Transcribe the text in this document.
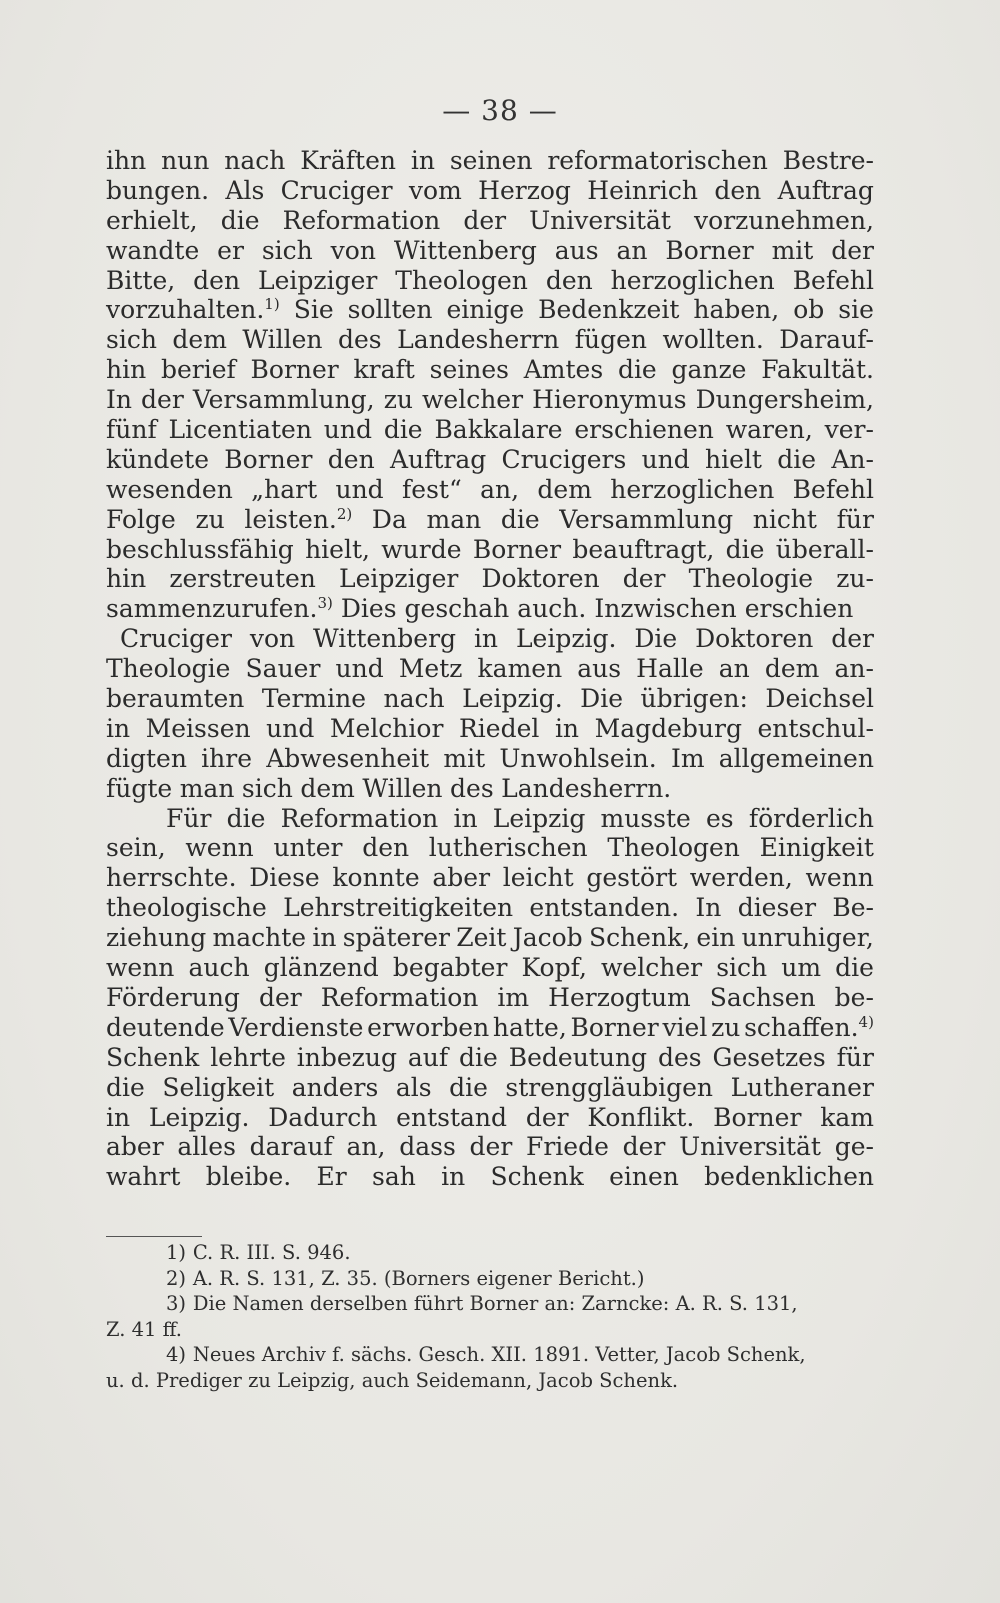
— 38 —
ihn nun nach Kräften in seinen reformatorischen Bestre-
bungen. Als Cruciger vom Herzog Heinrich den Auftrag
erhielt, die Reformation der Universität vorzunehmen,
wandte er sich von Wittenberg aus an Borner mit der
Bitte, den Leipziger Theologen den herzoglichen Befehl
vorzuhalten.$^{1)}$ Sie sollten einige Bedenkzeit haben, ob sie
sich dem Willen des Landesherrn fügen wollten. Darauf-
hin berief Borner kraft seines Amtes die ganze Fakultät.
In der Versammlung, zu welcher Hieronymus Dungersheim,
fünf Licentiaten und die Bakkalare erschienen waren, ver-
kündete Borner den Auftrag Crucigers und hielt die An-
wesenden „hart und fest“ an, dem herzoglichen Befehl
Folge zu leisten.$^{2)}$ Da man die Versammlung nicht für
beschlussfähig hielt, wurde Borner beauftragt, die überall-
hin zerstreuten Leipziger Doktoren der Theologie zu-
sammenzurufen.$^{3)}$ Dies geschah auch. Inzwischen erschien
Cruciger von Wittenberg in Leipzig. Die Doktoren der
Theologie Sauer und Metz kamen aus Halle an dem an-
beraumten Termine nach Leipzig. Die übrigen: Deichsel
in Meissen und Melchior Riedel in Magdeburg entschul-
digten ihre Abwesenheit mit Unwohlsein. Im allgemeinen
fügte man sich dem Willen des Landesherrn.
Für die Reformation in Leipzig musste es förderlich
sein, wenn unter den lutherischen Theologen Einigkeit
herrschte. Diese konnte aber leicht gestört werden, wenn
theologische Lehrstreitigkeiten entstanden. In dieser Be-
ziehung machte in späterer Zeit Jacob Schenk, ein unruhiger,
wenn auch glänzend begabter Kopf, welcher sich um die
Förderung der Reformation im Herzogtum Sachsen be-
deutende Verdienste erworben hatte, Borner viel zu schaffen.$^{4)}$
Schenk lehrte inbezug auf die Bedeutung des Gesetzes für
die Seligkeit anders als die strenggläubigen Lutheraner
in Leipzig. Dadurch entstand der Konflikt. Borner kam
aber alles darauf an, dass der Friede der Universität ge-
wahrt bleibe. Er sah in Schenk einen bedenklichen
1) C. R. III. S. 946.
2) A. R. S. 131, Z. 35. (Borners eigener Bericht.)
3) Die Namen derselben führt Borner an: Zarncke: A. R. S. 131,
Z. 41 ff.
4) Neues Archiv f. sächs. Gesch. XII. 1891. Vetter, Jacob Schenk,
u. d. Prediger zu Leipzig, auch Seidemann, Jacob Schenk.
